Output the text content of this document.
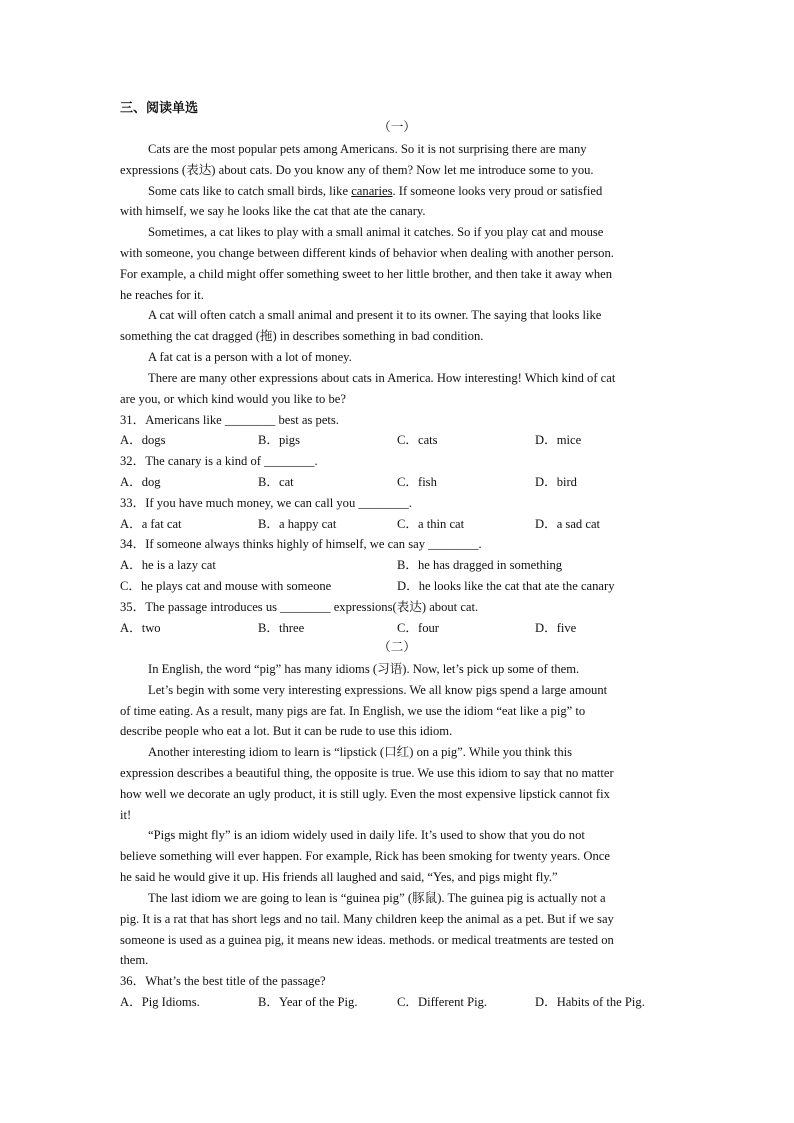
三、阅读单选
（一）
Cats are the most popular pets among Americans. So it is not surprising there are many
expressions (表达) about cats. Do you know any of them? Now let me introduce some to you.
Some cats like to catch small birds, like canaries. If someone looks very proud or satisfied
with himself, we say he looks like the cat that ate the canary.
Sometimes, a cat likes to play with a small animal it catches. So if you play cat and mouse
with someone, you change between different kinds of behavior when dealing with another person.
For example, a child might offer something sweet to her little brother, and then take it away when
he reaches for it.
A cat will often catch a small animal and present it to its owner. The saying that looks like
something the cat dragged (拖) in describes something in bad condition.
A fat cat is a person with a lot of money.
There are many other expressions about cats in America. How interesting! Which kind of cat
are you, or which kind would you like to be?
31．Americans like ________ best as pets.
A．dogs	B．pigs	C．cats	D．mice
32．The canary is a kind of ________.
A．dog	B．cat	C．fish	D．bird
33．If you have much money, we can call you ________.
A．a fat cat	B．a happy cat	C．a thin cat	D．a sad cat
34．If someone always thinks highly of himself, we can say ________.
A．he is a lazy cat	B．he has dragged in something
C．he plays cat and mouse with someone	D．he looks like the cat that ate the canary
35．The passage introduces us ________ expressions(表达) about cat.
A．two	B．three	C．four	D．five
（二）
In English, the word “pig” has many idioms (习语). Now, let’s pick up some of them.
Let’s begin with some very interesting expressions. We all know pigs spend a large amount
of time eating. As a result, many pigs are fat. In English, we use the idiom “eat like a pig” to
describe people who eat a lot. But it can be rude to use this idiom.
Another interesting idiom to learn is “lipstick (口红) on a pig”. While you think this
expression describes a beautiful thing, the opposite is true. We use this idiom to say that no matter
how well we decorate an ugly product, it is still ugly. Even the most expensive lipstick cannot fix
it!
“Pigs might fly” is an idiom widely used in daily life. It’s used to show that you do not
believe something will ever happen. For example, Rick has been smoking for twenty years. Once
he said he would give it up. His friends all laughed and said, “Yes, and pigs might fly.”
The last idiom we are going to lean is “guinea pig” (豚鼠). The guinea pig is actually not a
pig. It is a rat that has short legs and no tail. Many children keep the animal as a pet. But if we say
someone is used as a guinea pig, it means new ideas. methods. or medical treatments are tested on
them.
36．What’s the best title of the passage?
A．Pig Idioms.	B．Year of the Pig.	C．Different Pig.	D．Habits of the Pig.
